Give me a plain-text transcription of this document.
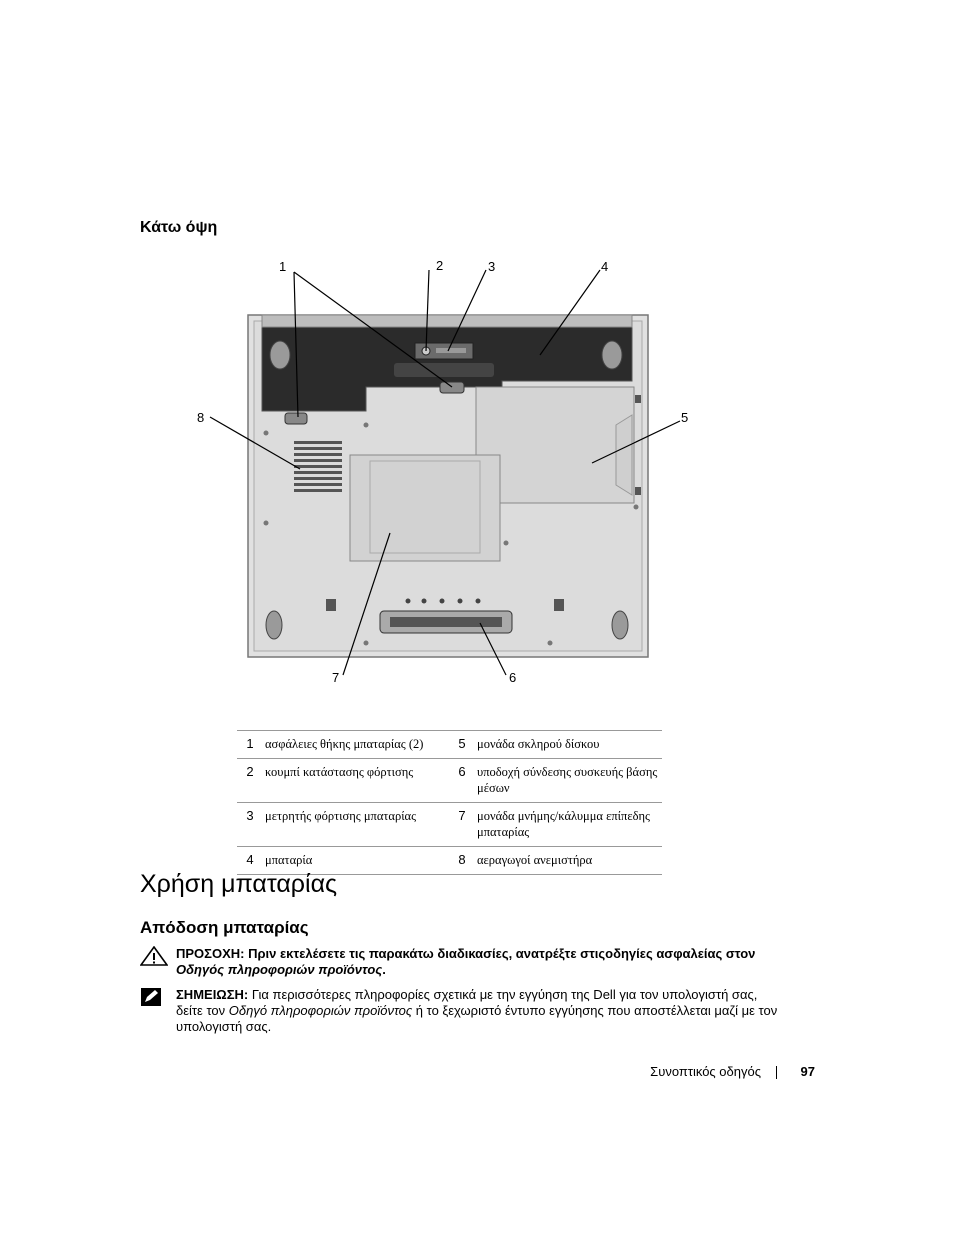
Κάτω όψη
1	2	3	4
5
6
7
8
1	ασφάλειες θήκης μπαταρίας (2)	5	μονάδα σκληρού δίσκου
2	κουμπί κατάστασης φόρτισης	6	υποδοχή σύνδεσης συσκευής βάσης μέσων
3	μετρητής φόρτισης μπαταρίας	7	μονάδα μνήμης/κάλυμμα επίπεδης μπαταρίας
4	μπαταρία	8	αεραγωγοί ανεμιστήρα
Χρήση μπαταρίας
Απόδοση μπαταρίας
ΠΡΟΣΟΧΗ: Πριν εκτελέσετε τις παρακάτω διαδικασίες, ανατρέξτε στιςοδηγίες ασφαλείας στον Οδηγός πληροφοριών προϊόντος.
ΣΗΜΕΙΩΣΗ: Για περισσότερες πληροφορίες σχετικά με την εγγύηση της Dell για τον υπολογιστή σας, δείτε τον Οδηγό πληροφοριών προϊόντος ή το ξεχωριστό έντυπο εγγύησης που αποστέλλεται μαζί με τον υπολογιστή σας.
Συνοπτικός οδηγός	97
